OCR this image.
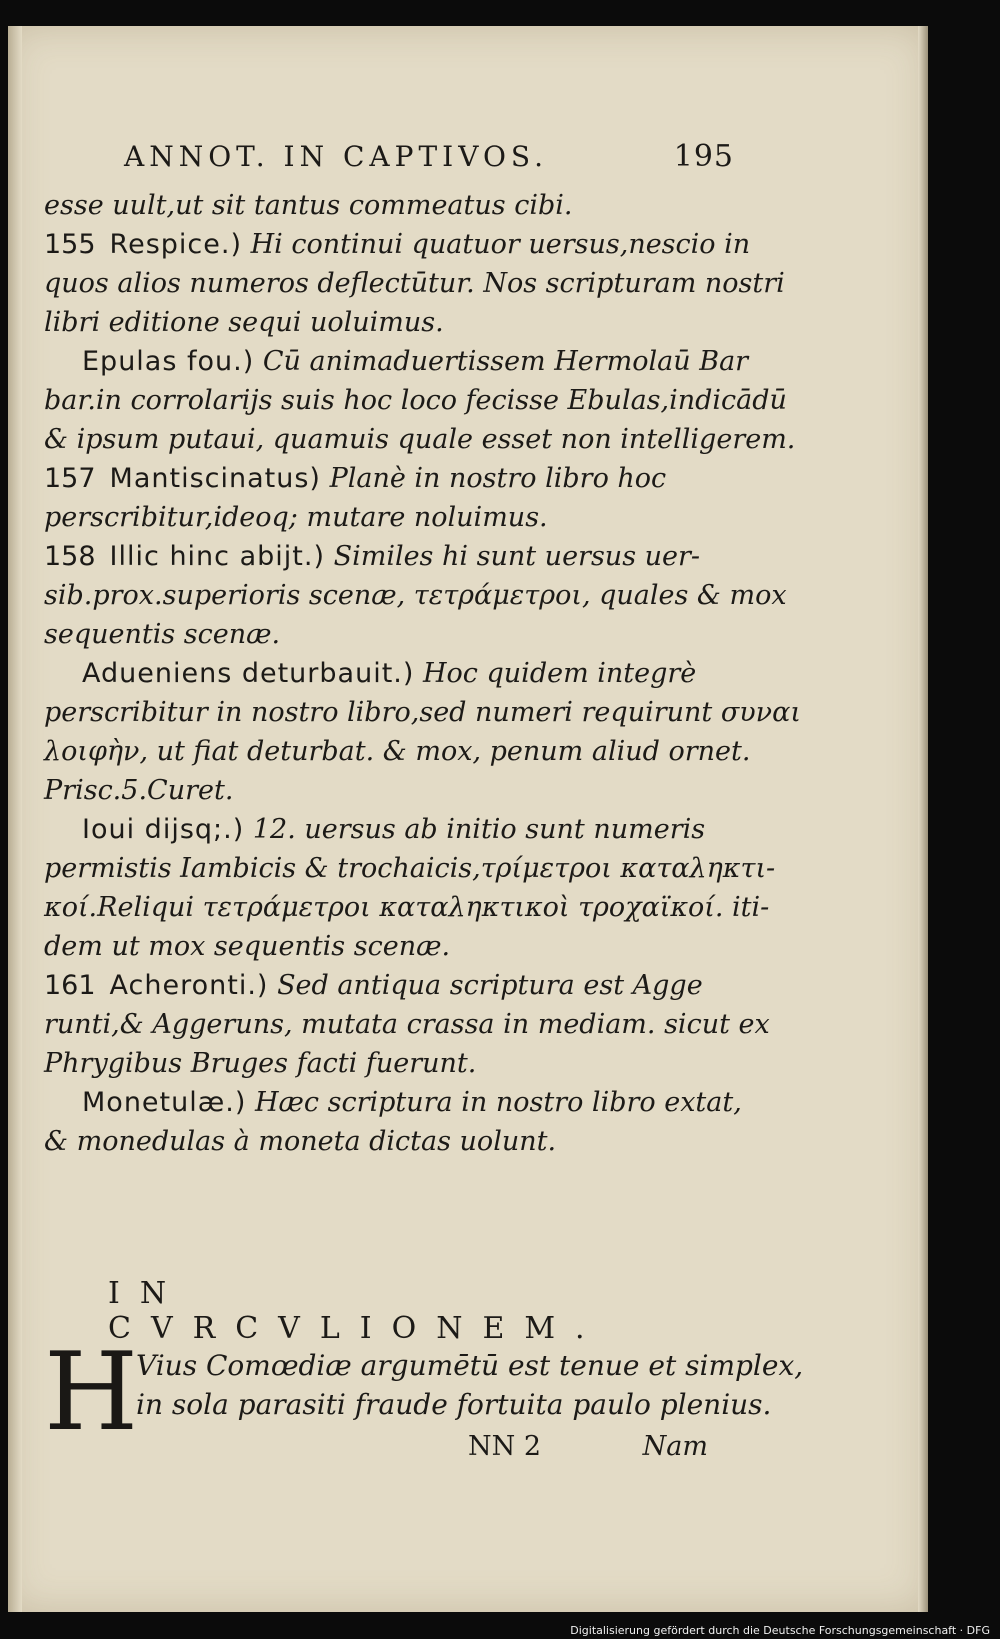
ANNOT. IN CAPTIVOS.	195
esse uult,ut sit tantus commeatus cibi.
155 Respice.) Hi continui quatuor uersus,nescio in
quos alios numeros deflectūtur. Nos scripturam nostri
libri editione sequi uoluimus.
Epulas fou.) Cū animaduertissem Hermolaū Bar
bar.in corrolarijs suis hoc loco fecisse Ebulas,indicādū
& ipsum putaui, quamuis quale esset non intelligerem.
157 Mantiscinatus) Planè in nostro libro hoc
perscribitur,ideoq; mutare noluimus.
158 Illic hinc abijt.) Similes hi sunt uersus uer-
sib.prox.superioris scenæ, τετράμετροι, quales & mox
sequentis scenæ.
Adueniens deturbauit.) Hoc quidem integrè
perscribitur in nostro libro,sed numeri requirunt συναι
λοιφὴν, ut fiat deturbat. & mox, penum aliud ornet.
Prisc.5.Curet.
Ioui dijsq;.) 12. uersus ab initio sunt numeris
permistis Iambicis & trochaicis,τρίμετροι καταληκτι-
κοί.Reliqui τετράμετροι καταληκτικοὶ τροχαϊκοί. iti-
dem ut mox sequentis scenæ.
161 Acheronti.) Sed antiqua scriptura est Agge
runti,& Aggeruns, mutata crassa in mediam. sicut ex
Phrygibus Bruges facti fuerunt.
Monetulæ.) Hæc scriptura in nostro libro extat,
& monedulas à moneta dictas uolunt.
IN CVRCVLIONEM.
H
Vius Comœdiæ argumētū est tenue et simplex,
in sola parasiti fraude fortuita paulo plenius.
NN 2	Nam
Digitalisierung gefördert durch die Deutsche Forschungsgemeinschaft · DFG
